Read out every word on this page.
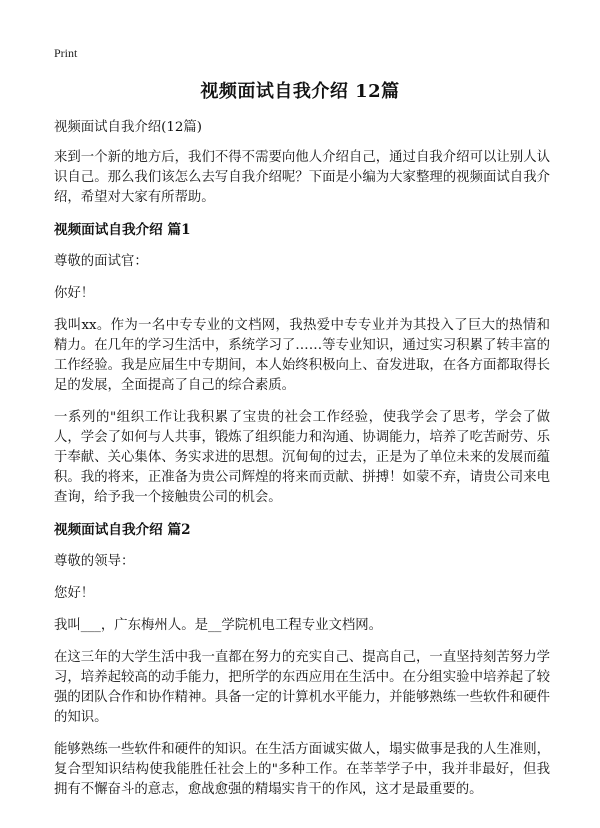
Print
视频面试自我介绍 12篇

视频面试自我介绍(12篇)

来到一个新的地方后，我们不得不需要向他人介绍自己，通过自我介绍可以让别人认识自己。那么我们该怎么去写自我介绍呢？下面是小编为大家整理的视频面试自我介绍，希望对大家有所帮助。

视频面试自我介绍 篇1

尊敬的面试官：

你好！

我叫xx。作为一名中专专业的文档网，我热爱中专专业并为其投入了巨大的热情和精力。在几年的学习生活中，系统学习了……等专业知识，通过实习积累了转丰富的工作经验。我是应届生中专期间，本人始终积极向上、奋发进取，在各方面都取得长足的发展，全面提高了自己的综合素质。

一系列的"组织工作让我积累了宝贵的社会工作经验，使我学会了思考，学会了做人，学会了如何与人共事，锻炼了组织能力和沟通、协调能力，培养了吃苦耐劳、乐于奉献、关心集体、务实求进的思想。沉甸甸的过去，正是为了单位未来的发展而蕴积。我的将来，正准备为贵公司辉煌的将来而贡献、拼搏！如蒙不弃，请贵公司来电查询，给予我一个接触贵公司的机会。

视频面试自我介绍 篇2

尊敬的领导：

您好！

我叫___，广东梅州人。是__学院机电工程专业文档网。

在这三年的大学生活中我一直都在努力的充实自己、提高自己，一直坚持刻苦努力学习，培养起较高的动手能力，把所学的东西应用在生活中。在分组实验中培养起了较强的团队合作和协作精神。具备一定的计算机水平能力，并能够熟练一些软件和硬件的知识。

能够熟练一些软件和硬件的知识。在生活方面诚实做人，塌实做事是我的人生准则，复合型知识结构使我能胜任社会上的"多种工作。在莘莘学子中，我并非最好，但我拥有不懈奋斗的意志，愈战愈强的精塌实肯干的作风，这才是最重要的。
